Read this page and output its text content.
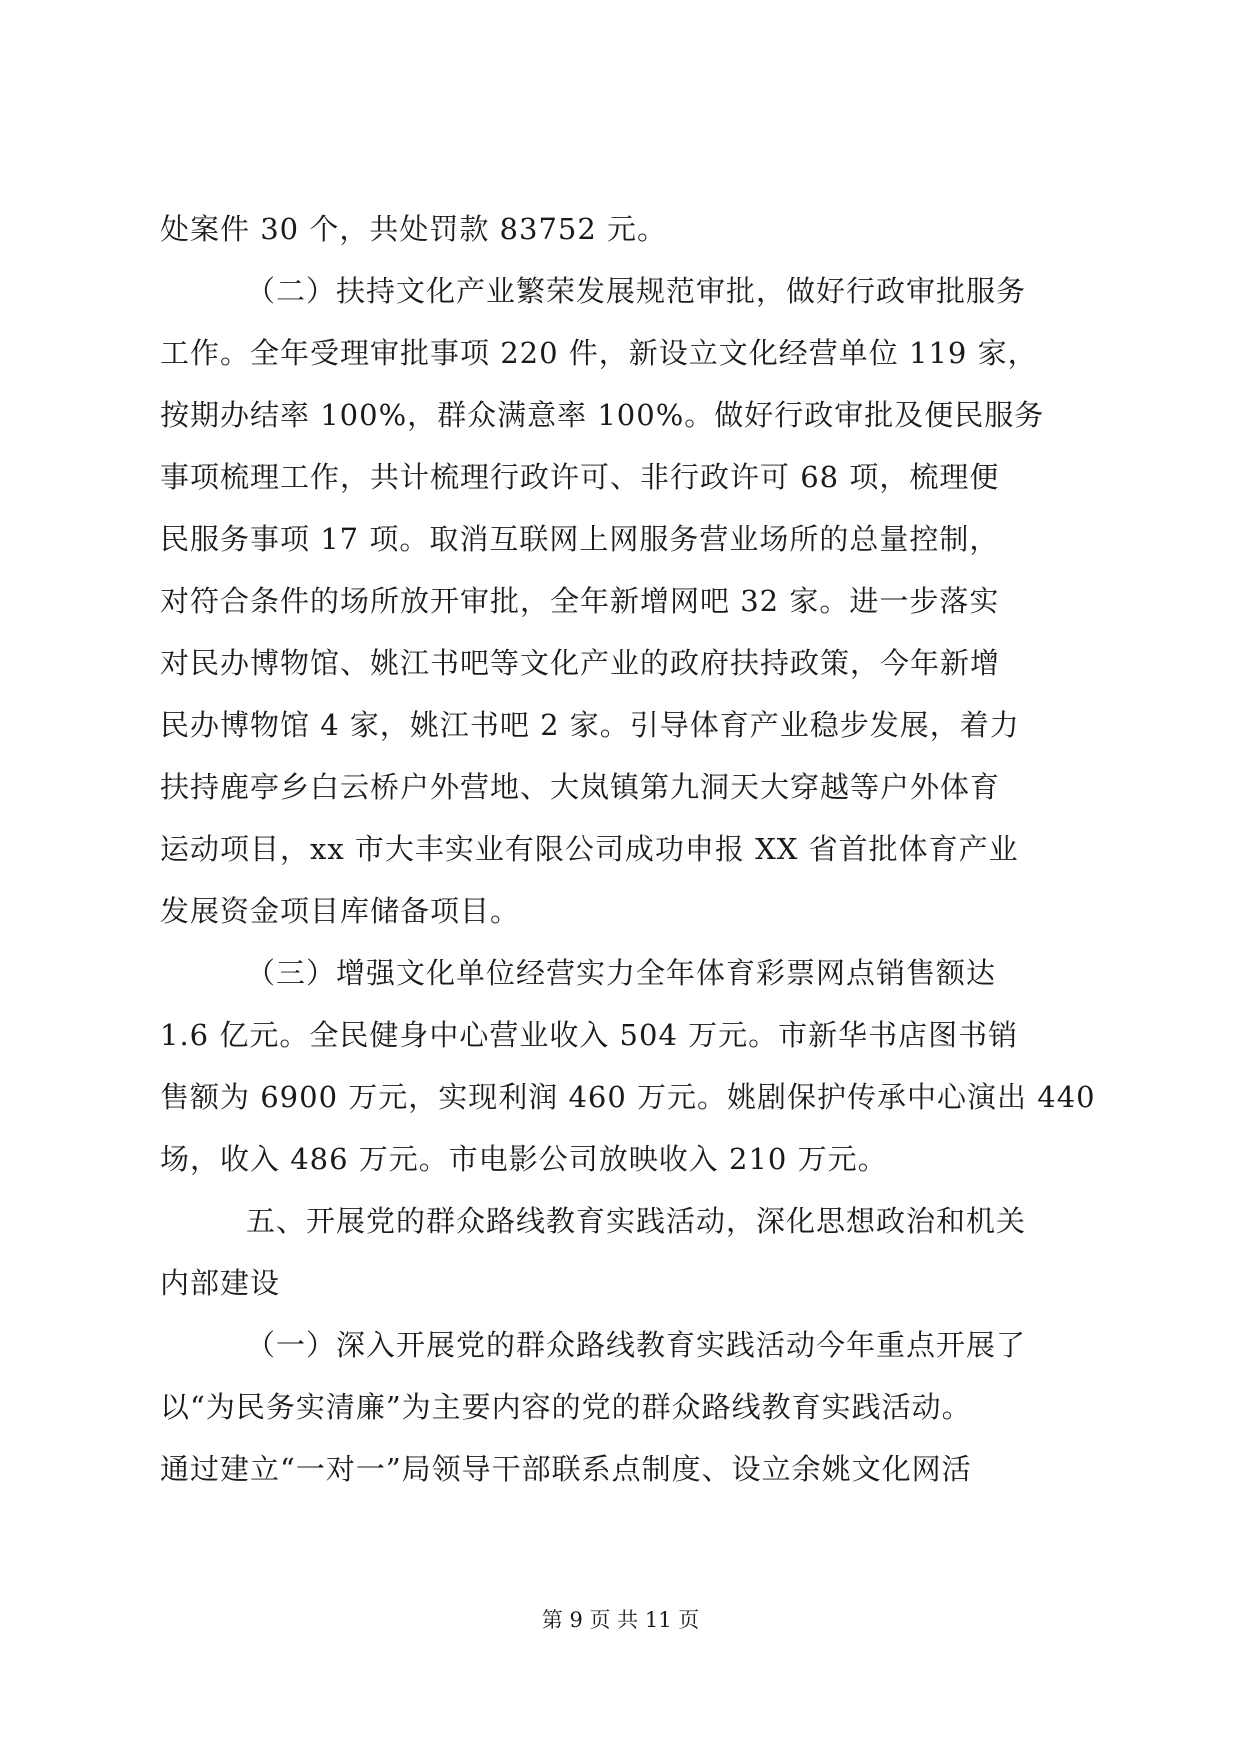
处案件 30 个，共处罚款 83752 元。

（二）扶持文化产业繁荣发展规范审批，做好行政审批服务

工作。全年受理审批事项 220 件，新设立文化经营单位 119 家，

按期办结率 100%，群众满意率 100%。做好行政审批及便民服务

事项梳理工作，共计梳理行政许可、非行政许可 68 项，梳理便

民服务事项 17 项。取消互联网上网服务营业场所的总量控制，

对符合条件的场所放开审批，全年新增网吧 32 家。进一步落实

对民办博物馆、姚江书吧等文化产业的政府扶持政策，今年新增

民办博物馆 4 家，姚江书吧 2 家。引导体育产业稳步发展，着力

扶持鹿亭乡白云桥户外营地、大岚镇第九洞天大穿越等户外体育

运动项目，xx 市大丰实业有限公司成功申报 XX 省首批体育产业

发展资金项目库储备项目。

（三）增强文化单位经营实力全年体育彩票网点销售额达

1.6 亿元。全民健身中心营业收入 504 万元。市新华书店图书销

售额为 6900 万元，实现利润 460 万元。姚剧保护传承中心演出 440

场，收入 486 万元。市电影公司放映收入 210 万元。

五、开展党的群众路线教育实践活动，深化思想政治和机关

内部建设

（一）深入开展党的群众路线教育实践活动今年重点开展了

以“为民务实清廉”为主要内容的党的群众路线教育实践活动。

通过建立“一对一”局领导干部联系点制度、设立余姚文化网活

第 9 页 共 11 页
